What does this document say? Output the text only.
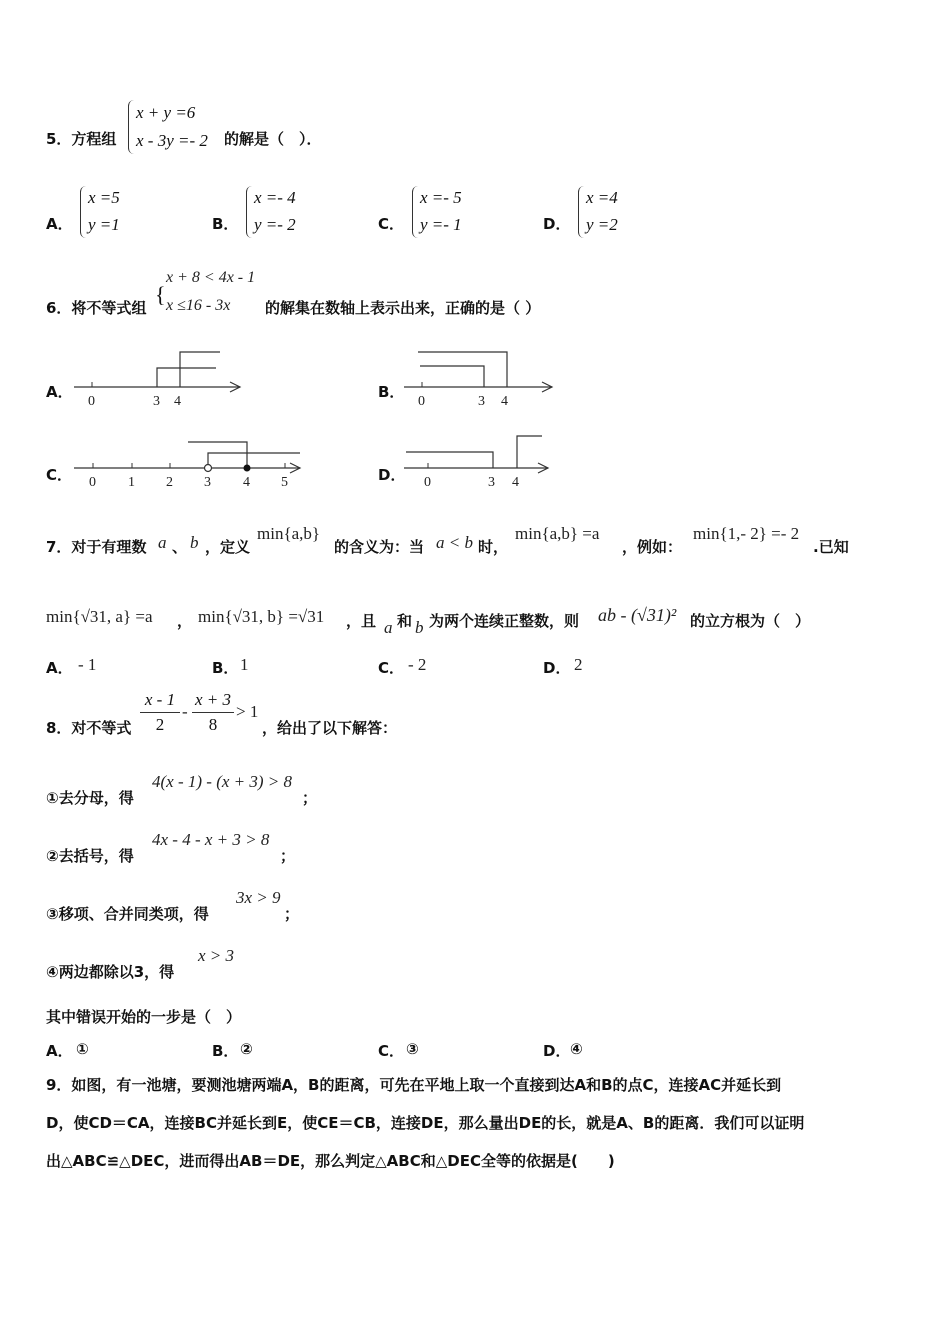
5．方程组
x + y =6
x - 3y =- 2 的解是（　）．
A．
x =5
y =1	B．
x =- 4
y =- 2	C．
x =- 5
y =- 1	D．
x =4
y =2
6．将不等式组
{
x + 8 < 4x - 1
x ≤16 - 3x 的解集在数轴上表示出来，正确的是（ ）
A．
0	3 4
B．
0	3 4
C． 0 1 2 3 4 5	D． 0	3 4
7．对于有理数 a 、 b ，定义
min{a,b}
的含义为：当 a < b 时，
min{a,b} =a
，例如：
min{1,- 2} =- 2
.已知
min{√31, a} =a ， min{√31, b} =√31 ，且 a 和 b 为两个连续正整数，则 ab - (√31)² 的立方根为（　）
A． - 1	B． 1	C． - 2	D． 2
8．对不等式
x - 1
2
-
x + 3
8
> 1
，给出了以下解答：
①去分母，得
4(x - 1) - (x + 3) > 8
；
②去括号，得
4x - 4 - x + 3 > 8
；
③移项、合并同类项，得
3x > 9
；
④两边都除以3，得
x > 3
其中错误开始的一步是（　）
A． ①	B． ②	C． ③	D． ④
9．如图，有一池塘，要测池塘两端A，B的距离，可先在平地上取一个直接到达A和B的点C，连接AC并延长到
D，使CD＝CA，连接BC并延长到E，使CE＝CB，连接DE，那么量出DE的长，就是A、B的距离．我们可以证明
出△ABC≌△DEC，进而得出AB＝DE，那么判定△ABC和△DEC全等的依据是(　　)
